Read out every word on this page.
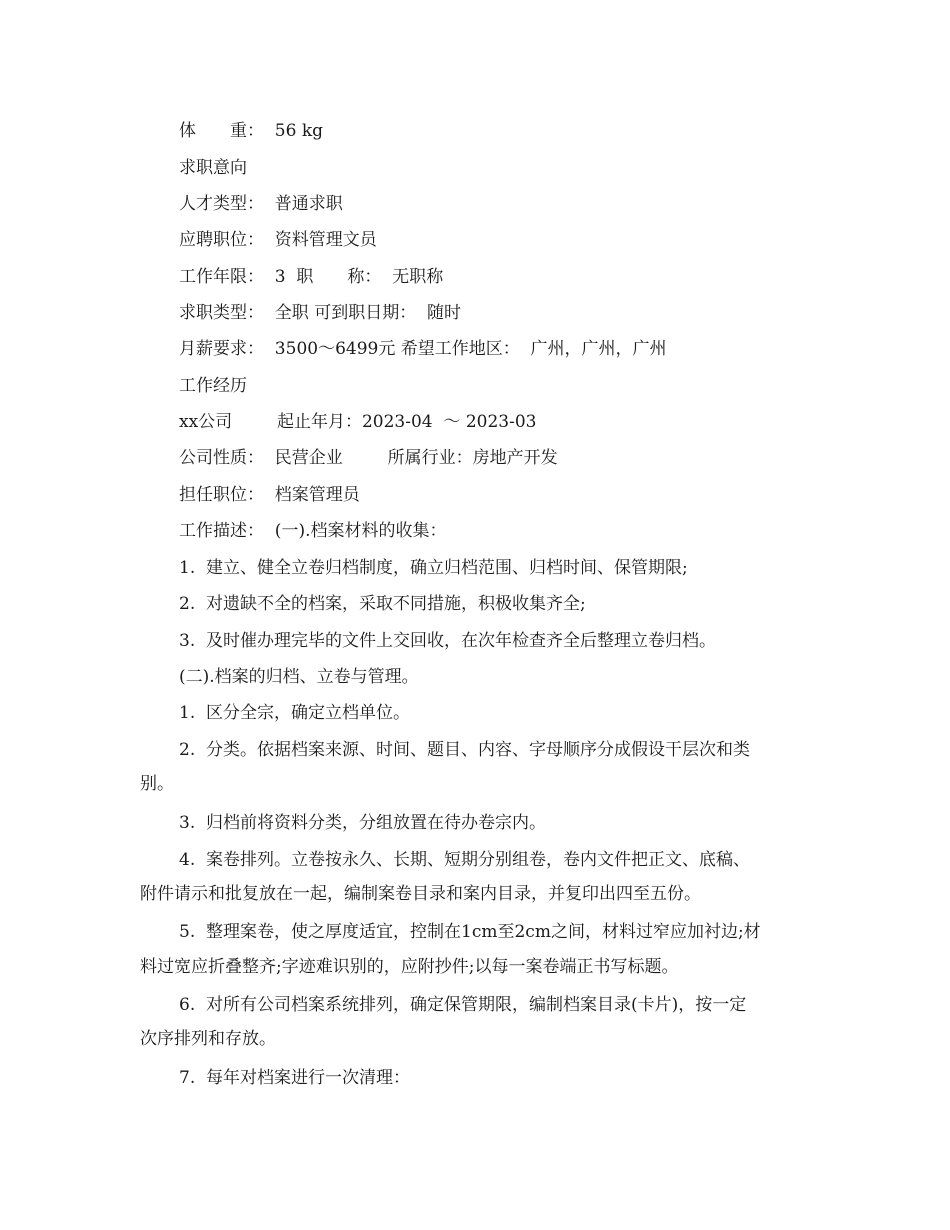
体　　重：  56 kg
求职意向
人才类型：  普通求职
应聘职位：  资料管理文员
工作年限：  3  职　　称：  无职称
求职类型：  全职 可到职日期：  随时
月薪要求：  3500～6499元 希望工作地区：  广州，广州，广州
工作经历
xx公司　　  起止年月：2023-04  ～ 2023-03
公司性质：  民营企业　　  所属行业：房地产开发
担任职位：  档案管理员
工作描述：  (一).档案材料的收集：
1.  建立、健全立卷归档制度，确立归档范围、归档时间、保管期限;
2.  对遗缺不全的档案，采取不同措施，积极收集齐全;
3.  及时催办理完毕的文件上交回收，在次年检查齐全后整理立卷归档。
(二).档案的归档、立卷与管理。
1.  区分全宗，确定立档单位。
2.  分类。依据档案来源、时间、题目、内容、字母顺序分成假设干层次和类
别。
3.  归档前将资料分类，分组放置在待办卷宗内。
4.  案卷排列。立卷按永久、长期、短期分别组卷，卷内文件把正文、底稿、
附件请示和批复放在一起，编制案卷目录和案内目录，并复印出四至五份。
5.  整理案卷，使之厚度适宜，控制在1cm至2cm之间，材料过窄应加衬边;材
料过宽应折叠整齐;字迹难识别的，应附抄件;以每一案卷端正书写标题。
6.  对所有公司档案系统排列，确定保管期限，编制档案目录(卡片)，按一定
次序排列和存放。
7.  每年对档案进行一次清理：
